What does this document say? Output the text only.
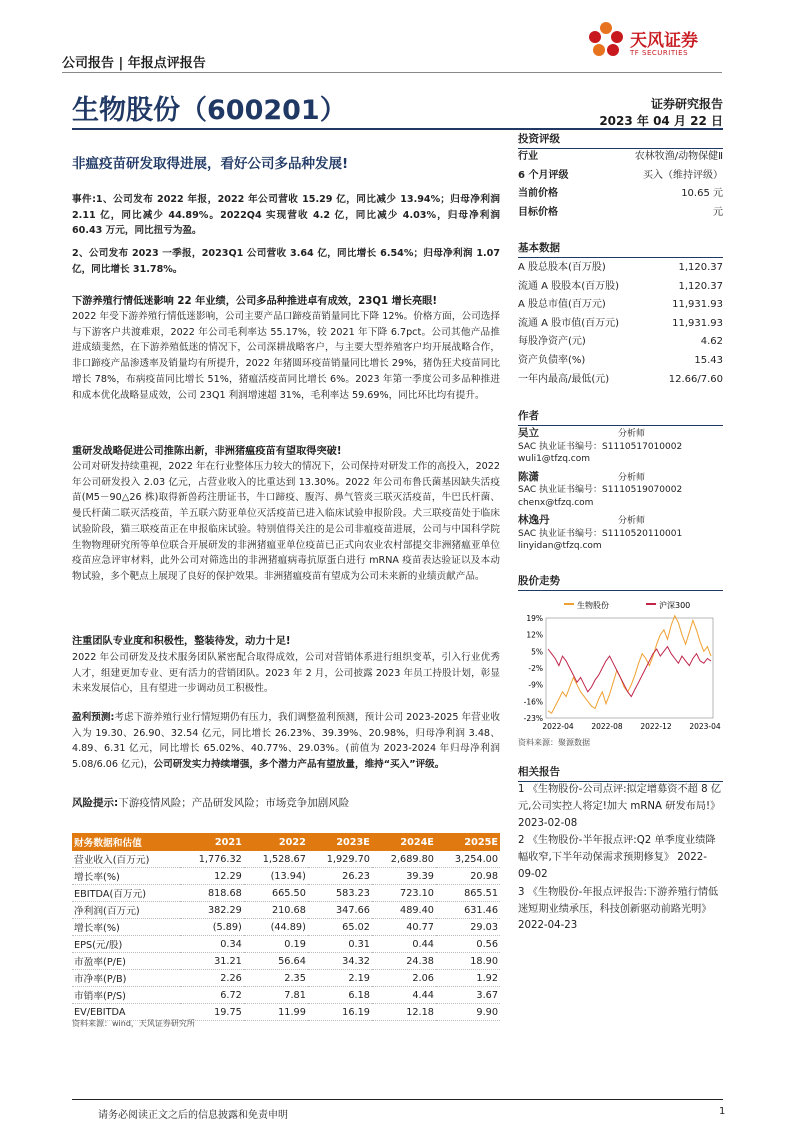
公司报告 | 年报点评报告
天风证券
TF SECURITIES
生物股份（600201）	证券研究报告
2023 年 04 月 22 日
非瘟疫苗研发取得进展，看好公司多品种发展!
事件:1、公司发布 2022 年报，2022 年公司营收 15.29 亿，同比减少 13.94%；归母净利润 2.11 亿，同比减少 44.89%。2022Q4 实现营收 4.2 亿，同比减少 4.03%，归母净利润 60.43 万元，同比扭亏为盈。
2、公司发布 2023 一季报，2023Q1 公司营收 3.64 亿，同比增长 6.54%；归母净利润 1.07 亿，同比增长 31.78%。
下游养殖行情低迷影响 22 年业绩，公司多品种推进卓有成效，23Q1 增长亮眼!
2022 年受下游养殖行情低迷影响，公司主要产品口蹄疫苗销量同比下降 12%。价格方面，公司选择与下游客户共渡难艰，2022 年公司毛利率达 55.17%，较 2021 年下降 6.7pct。公司其他产品推进成绩斐然，在下游养殖低迷的情况下，公司深耕战略客户，与主要大型养殖客户均开展战略合作，非口蹄疫产品渗透率及销量均有所提升，2022 年猪圆环疫苗销量同比增长 29%，猪伪狂犬疫苗同比增长 78%，布病疫苗同比增长 51%，猪瘟活疫苗同比增长 6%。2023 年第一季度公司多品种推进和成本优化战略显成效，公司 23Q1 利润增速超 31%，毛利率达 59.69%，同比环比均有提升。
重研发战略促进公司推陈出新，非洲猪瘟疫苗有望取得突破!
公司对研发持续重视，2022 年在行业整体压力较大的情况下，公司保持对研发工作的高投入，2022 年公司研发投入 2.03 亿元，占营业收入的比重达到 13.30%。2022 年公司布鲁氏菌基因缺失活疫苗(M5－90△26 株)取得新兽药注册证书，牛口蹄疫、腹泻、鼻气管炎三联灭活疫苗，牛巴氏杆菌、曼氏杆菌二联灭活疫苗，羊五联六防亚单位灭活疫苗已进入临床试验申报阶段。犬三联疫苗处于临床试验阶段，猫三联疫苗正在申报临床试验。特别值得关注的是公司非瘟疫苗进展，公司与中国科学院生物物理研究所等单位联合开展研发的非洲猪瘟亚单位疫苗已正式向农业农村部提交非洲猪瘟亚单位疫苗应急评审材料，此外公司对筛选出的非洲猪瘟病毒抗原蛋白进行 mRNA 疫苗表达验证以及本动物试验，多个靶点上展现了良好的保护效果。非洲猪瘟疫苗有望成为公司未来新的业绩贡献产品。
注重团队专业度和积极性，整装待发，动力十足!
2022 年公司研发及技术服务团队紧密配合取得成效，公司对营销体系进行组织变革，引入行业优秀人才，组建更加专业、更有活力的营销团队。2023 年 2 月，公司披露 2023 年员工持股计划，彰显未来发展信心，且有望进一步调动员工积极性。
盈利预测:考虑下游养殖行业行情短期仍有压力，我们调整盈利预测，预计公司 2023-2025 年营业收入为 19.30、26.90、32.54 亿元，同比增长 26.23%、39.39%、20.98%，归母净利润 3.48、4.89、6.31 亿元，同比增长 65.02%、40.77%、29.03%。(前值为 2023-2024 年归母净利润 5.08/6.06 亿元)，公司研发实力持续增强，多个潜力产品有望放量，维持“买入”评级。
风险提示:下游疫情风险；产品研发风险；市场竞争加剧风险
财务数据和估值	2021	2022	2023E	2024E	2025E
营业收入(百万元)	1,776.32	1,528.67	1,929.70	2,689.80	3,254.00
增长率(%)	12.29	(13.94)	26.23	39.39	20.98
EBITDA(百万元)	818.68	665.50	583.23	723.10	865.51
净利润(百万元)	382.29	210.68	347.66	489.40	631.46
增长率(%)	(5.89)	(44.89)	65.02	40.77	29.03
EPS(元/股)	0.34	0.19	0.31	0.44	0.56
市盈率(P/E)	31.21	56.64	34.32	24.38	18.90
市净率(P/B)	2.26	2.35	2.19	2.06	1.92
市销率(P/S)	6.72	7.81	6.18	4.44	3.67
EV/EBITDA	19.75	11.99	16.19	12.18	9.90
资料来源：wind，天风证券研究所
投资评级
行业	农林牧渔/动物保健Ⅱ
6 个月评级	买入（维持评级）
当前价格	10.65 元
目标价格	元
基本数据
A 股总股本(百万股)	1,120.37
流通 A 股股本(百万股)	1,120.37
A 股总市值(百万元)	11,931.93
流通 A 股市值(百万元)	11,931.93
每股净资产(元)	4.62
资产负债率(%)	15.43
一年内最高/最低(元)	12.66/7.60
作者
吴立	分析师
SAC 执业证书编号：S1110517010002
wuli1@tfzq.com
陈潇	分析师
SAC 执业证书编号：S1110519070002
chenx@tfzq.com
林逸丹	分析师
SAC 执业证书编号：S1110520110001
linyidan@tfzq.com
股价走势
生物股份	沪深300
19%
12%
5%
-2%
-9%
-16%
-23%
2022-04 2022-08 2022-12 2023-04
资料来源：聚源数据
相关报告
1 《生物股份-公司点评:拟定增募资不超 8 亿元,公司实控人将定!加大 mRNA 研发布局!》 2023-02-08
2 《生物股份-半年报点评:Q2 单季度业绩降幅收窄,下半年动保需求预期修复》 2022-09-02
3 《生物股份-年报点评报告:下游养殖行情低迷短期业绩承压，科技创新驱动前路光明》 2022-04-23
请务必阅读正文之后的信息披露和免责申明	1
